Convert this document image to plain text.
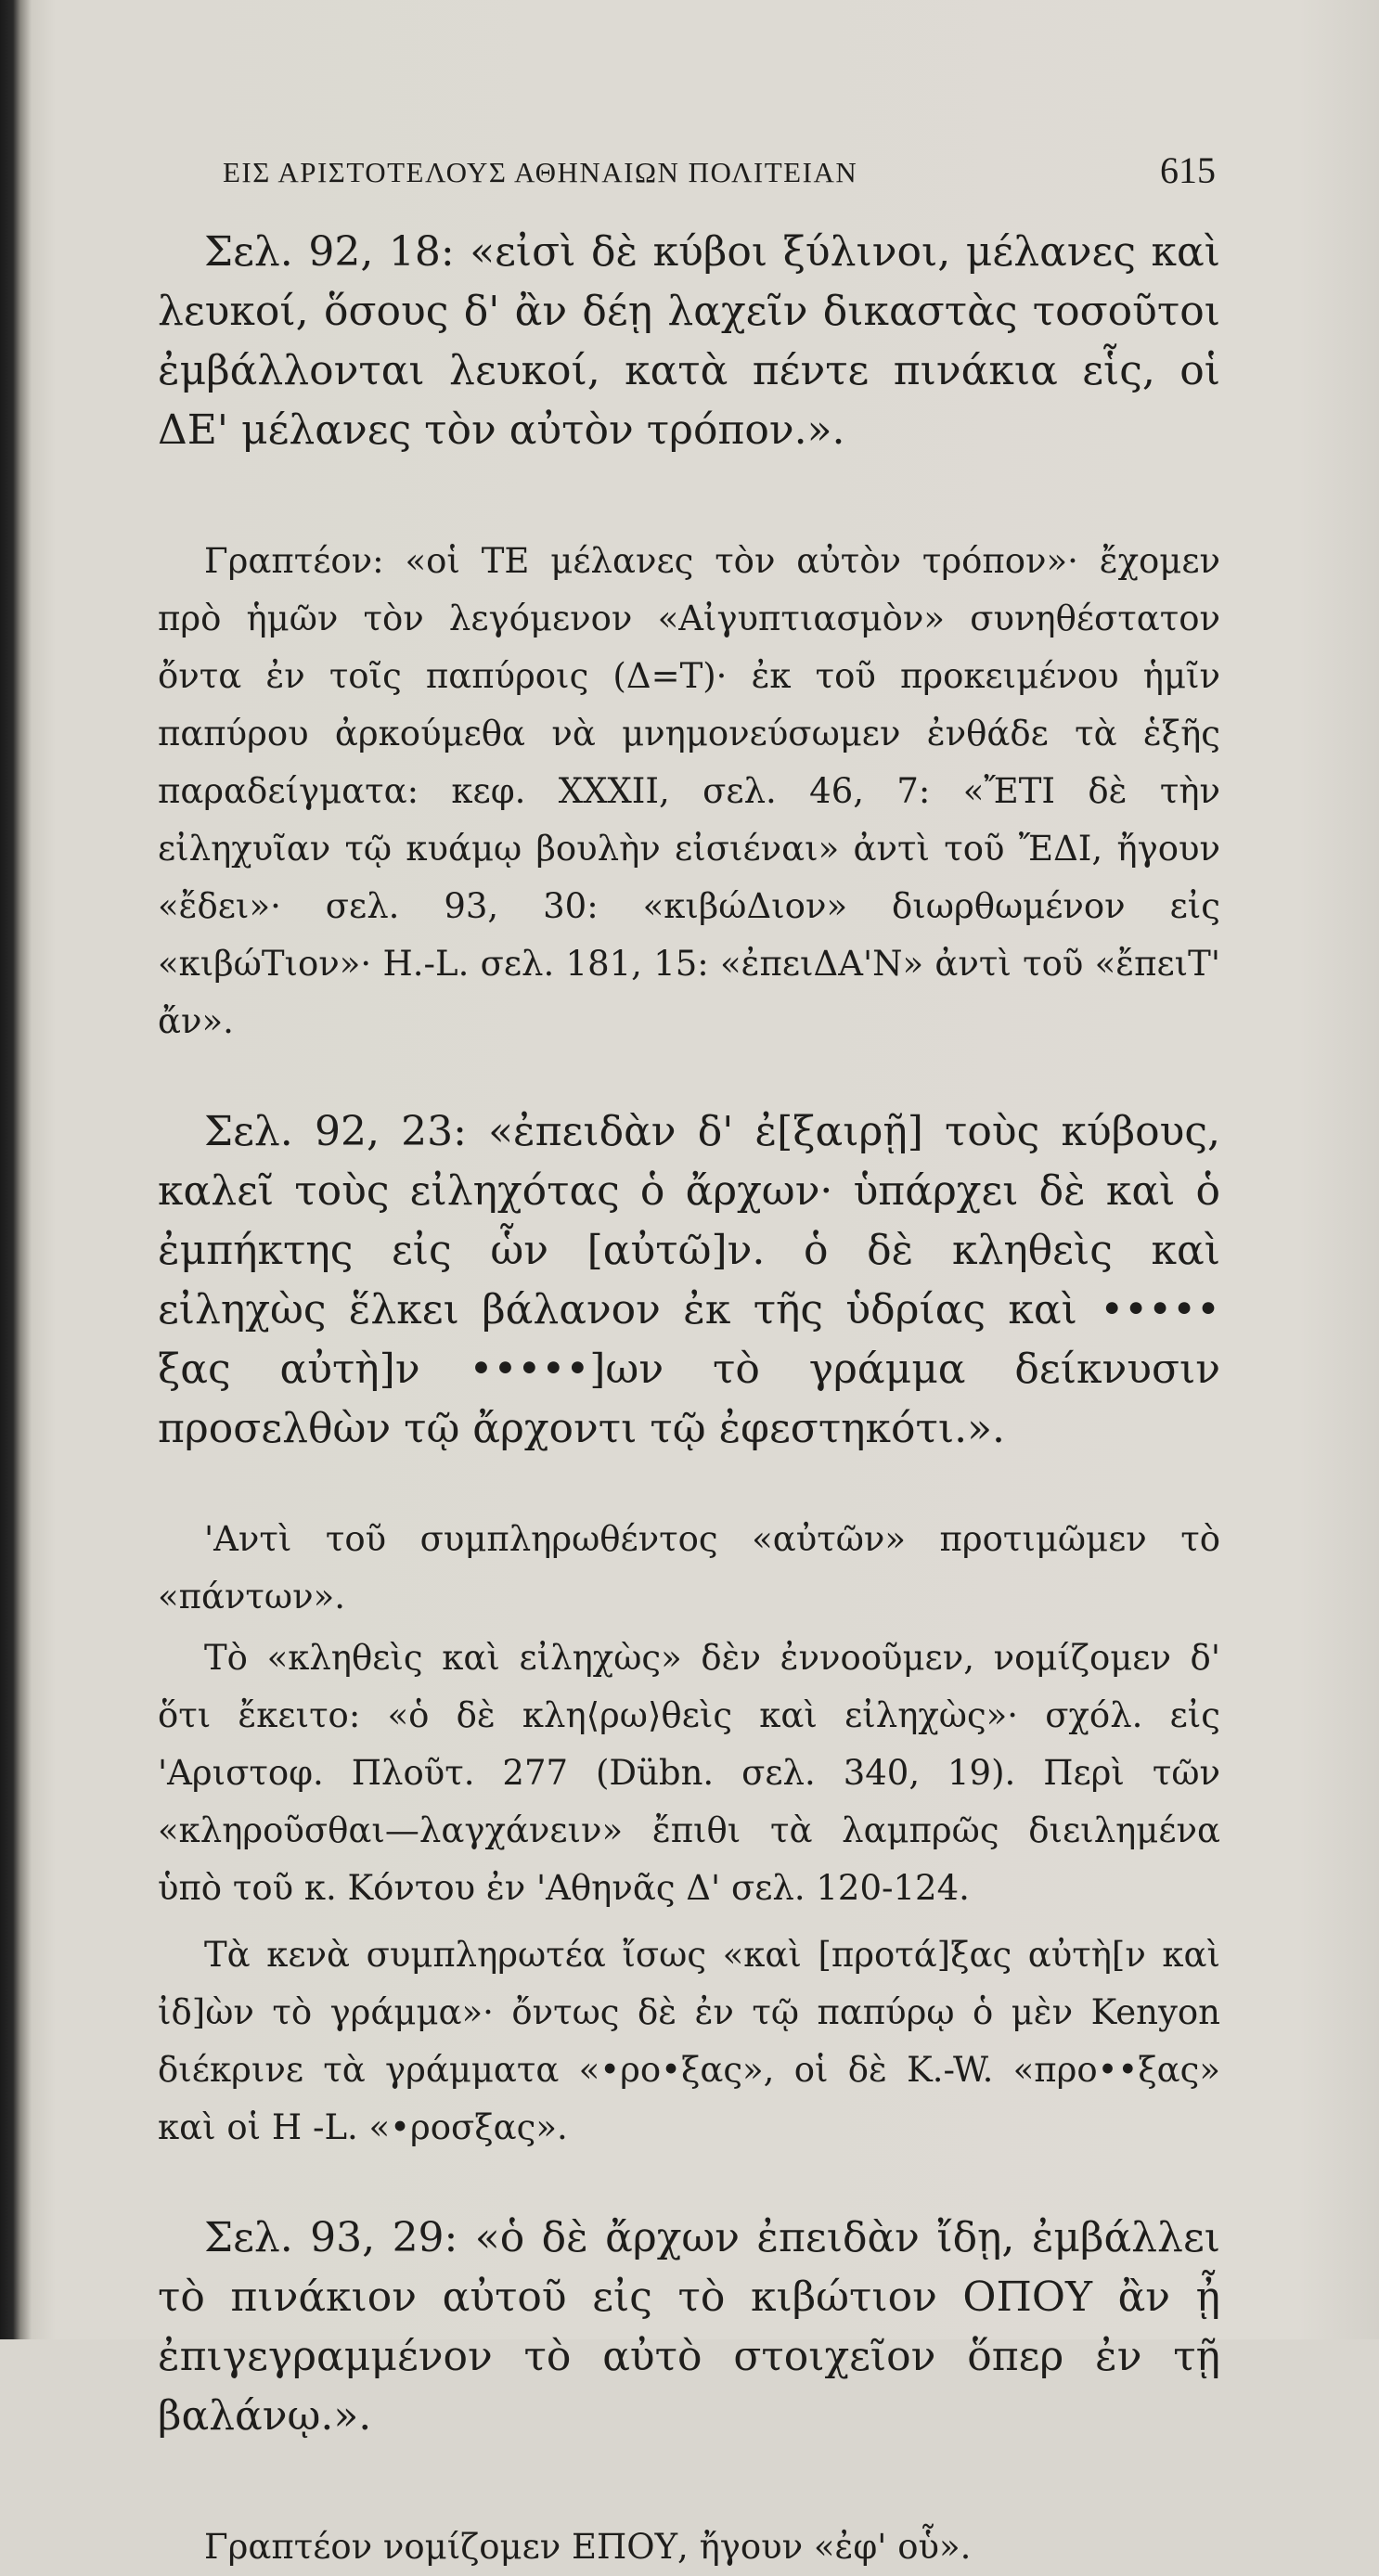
ΕΙΣ ΑΡΙΣΤΟΤΕΛΟΥΣ ΑΘΗΝΑΙΩΝ ΠΟΛΙΤΕΙΑΝ	615

Σελ. 92, 18: «εἰσὶ δὲ κύβοι ξύλινοι, μέλανες καὶ λευκοί, ὅσους δ' ἂν δέῃ λαχεῖν δικαστὰς τοσοῦτοι ἐμβάλλονται λευκοί, κατὰ πέντε πινάκια εἷς, οἱ ΔΕ' μέλανες τὸν αὐτὸν τρόπον.».

Γραπτέον: «οἱ ΤΕ μέλανες τὸν αὐτὸν τρόπον»· ἔχομεν πρὸ ἡμῶν τὸν λεγόμενον «Αἰγυπτιασμὸν» συνηθέστατον ὄντα ἐν τοῖς παπύροις (Δ=Τ)· ἐκ τοῦ προκειμένου ἡμῖν παπύρου ἀρκούμεθα νὰ μνημονεύσωμεν ἐνθάδε τὰ ἑξῆς παραδείγματα: κεφ. XXXII, σελ. 46, 7: «ἜΤΙ δὲ τὴν εἰληχυῖαν τῷ κυάμῳ βουλὴν εἰσιέναι» ἀντὶ τοῦ ἜΔΙ, ἤγουν «ἔδει»· σελ. 93, 30: «κιβώΔιον» διωρθωμένον εἰς «κιβώΤιον»· H.-L. σελ. 181, 15: «ἐπειΔΑ'Ν» ἀντὶ τοῦ «ἔπειΤ' ἄν».

Σελ. 92, 23: «ἐπειδὰν δ' ἐ[ξαιρῇ] τοὺς κύβους, καλεῖ τοὺς εἰληχότας ὁ ἄρχων· ὑπάρχει δὲ καὶ ὁ ἐμπήκτης εἰς ὧν [αὐτῶ]ν. ὁ δὲ κληθεὶς καὶ εἰληχὼς ἕλκει βάλανον ἐκ τῆς ὑδρίας καὶ ••••• ξας αὐτὴ]ν •••••]ων τὸ γράμμα δείκνυσιν προσελθὼν τῷ ἄρχοντι τῷ ἐφεστηκότι.».

'Αντὶ τοῦ συμπληρωθέντος «αὐτῶν» προτιμῶμεν τὸ «πάντων».

Τὸ «κληθεὶς καὶ εἰληχὼς» δὲν ἐννοοῦμεν, νομίζομεν δ' ὅτι ἔκειτο: «ὁ δὲ κλη⟨ρω⟩θεὶς καὶ εἰληχὼς»· σχόλ. εἰς 'Αριστοφ. Πλοῦτ. 277 (Dübn. σελ. 340, 19). Περὶ τῶν «κληροῦσθαι—λαγχάνειν» ἔπιθι τὰ λαμπρῶς διειλημένα ὑπὸ τοῦ κ. Κόντου ἐν 'Αθηνᾶς Δ' σελ. 120-124.

Τὰ κενὰ συμπληρωτέα ἴσως «καὶ [προτά]ξας αὐτὴ[ν καὶ ἰδ]ὼν τὸ γράμμα»· ὄντως δὲ ἐν τῷ παπύρῳ ὁ μὲν Kenyon διέκρινε τὰ γράμματα «•ρο•ξας», οἱ δὲ K.-W. «προ••ξας» καὶ οἱ H -L. «•ροσξας».

Σελ. 93, 29: «ὁ δὲ ἄρχων ἐπειδὰν ἴδῃ, ἐμβάλλει τὸ πινάκιον αὐτοῦ εἰς τὸ κιβώτιον ΟΠΟΥ ἂν ᾖ ἐπιγεγραμμένον τὸ αὐτὸ στοιχεῖον ὅπερ ἐν τῇ βαλάνῳ.».

Γραπτέον νομίζομεν ΕΠΟΥ, ἤγουν «ἐφ' οὗ».
